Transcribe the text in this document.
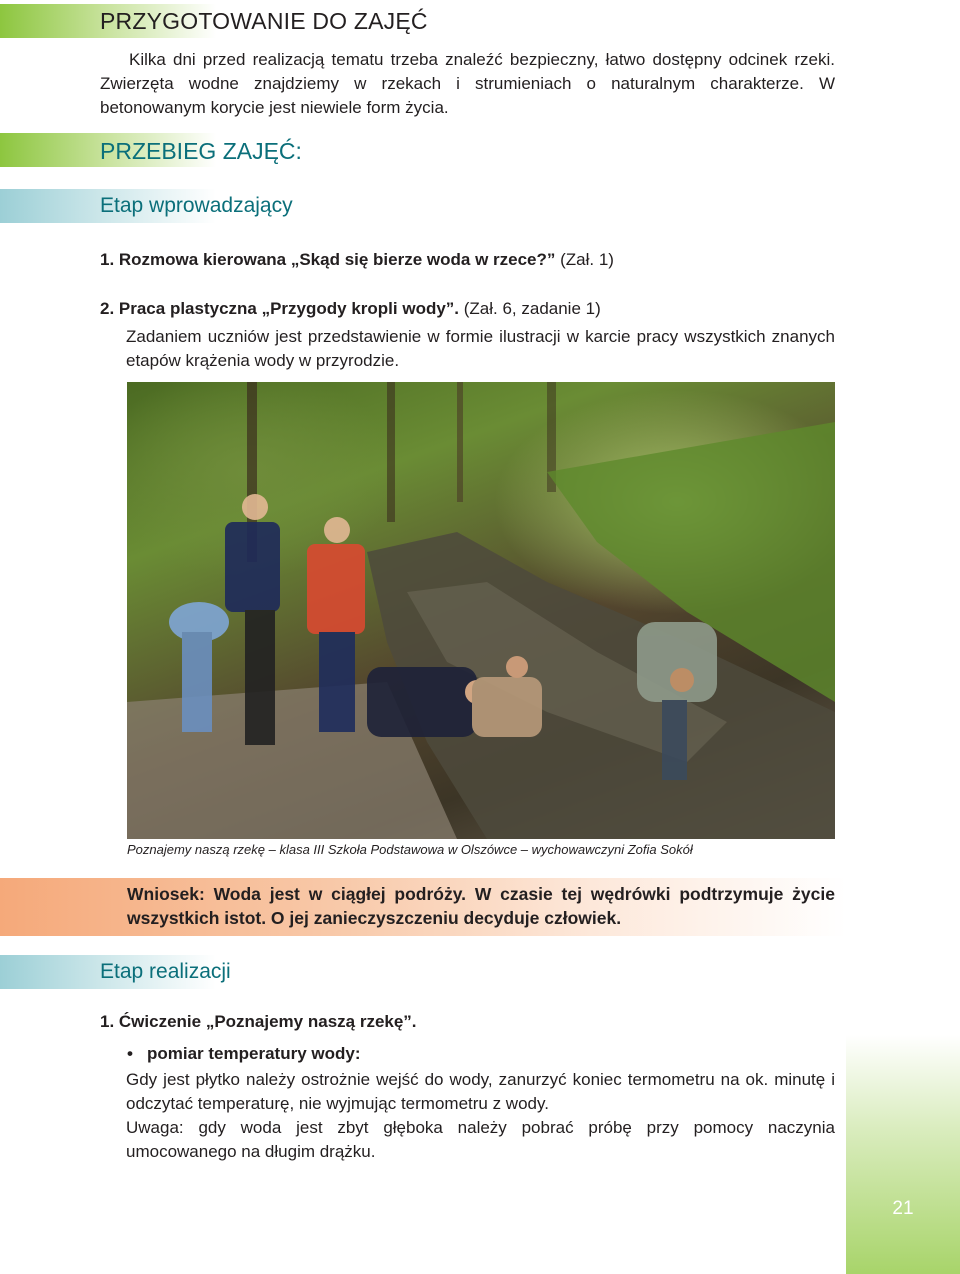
PRZYGOTOWANIE DO ZAJĘĆ

Kilka dni przed realizacją tematu trzeba znaleźć bezpieczny, łatwo dostępny odcinek rzeki. Zwierzęta wodne znajdziemy w rzekach i strumieniach o naturalnym charakterze. W betonowanym korycie jest niewiele form życia.

PRZEBIEG ZAJĘĆ:
Etap wprowadzający
1. Rozmowa kierowana „Skąd się bierze woda w rzece?” (Zał. 1)
2. Praca plastyczna „Przygody kropli wody”. (Zał. 6, zadanie 1)

Zadaniem uczniów jest przedstawienie w formie ilustracji w karcie pracy wszystkich znanych etapów krążenia wody w przyrodzie.

Poznajemy naszą rzekę – klasa III Szkoła Podstawowa w Olszówce – wychowawczyni Zofia Sokół

Wniosek: Woda jest w ciągłej podróży. W czasie tej wędrówki podtrzymuje życie wszystkich istot. O jej zanieczyszczeniu decyduje człowiek.

Etap realizacji
1. Ćwiczenie „Poznajemy naszą rzekę”.
• pomiar temperatury wody:

Gdy jest płytko należy ostrożnie wejść do wody, zanurzyć koniec termometru na ok. minutę i odczytać temperaturę, nie wyjmując termometru z wody.

Uwaga: gdy woda jest zbyt głęboka należy pobrać próbę przy pomocy naczynia umocowanego na długim drążku.

21
